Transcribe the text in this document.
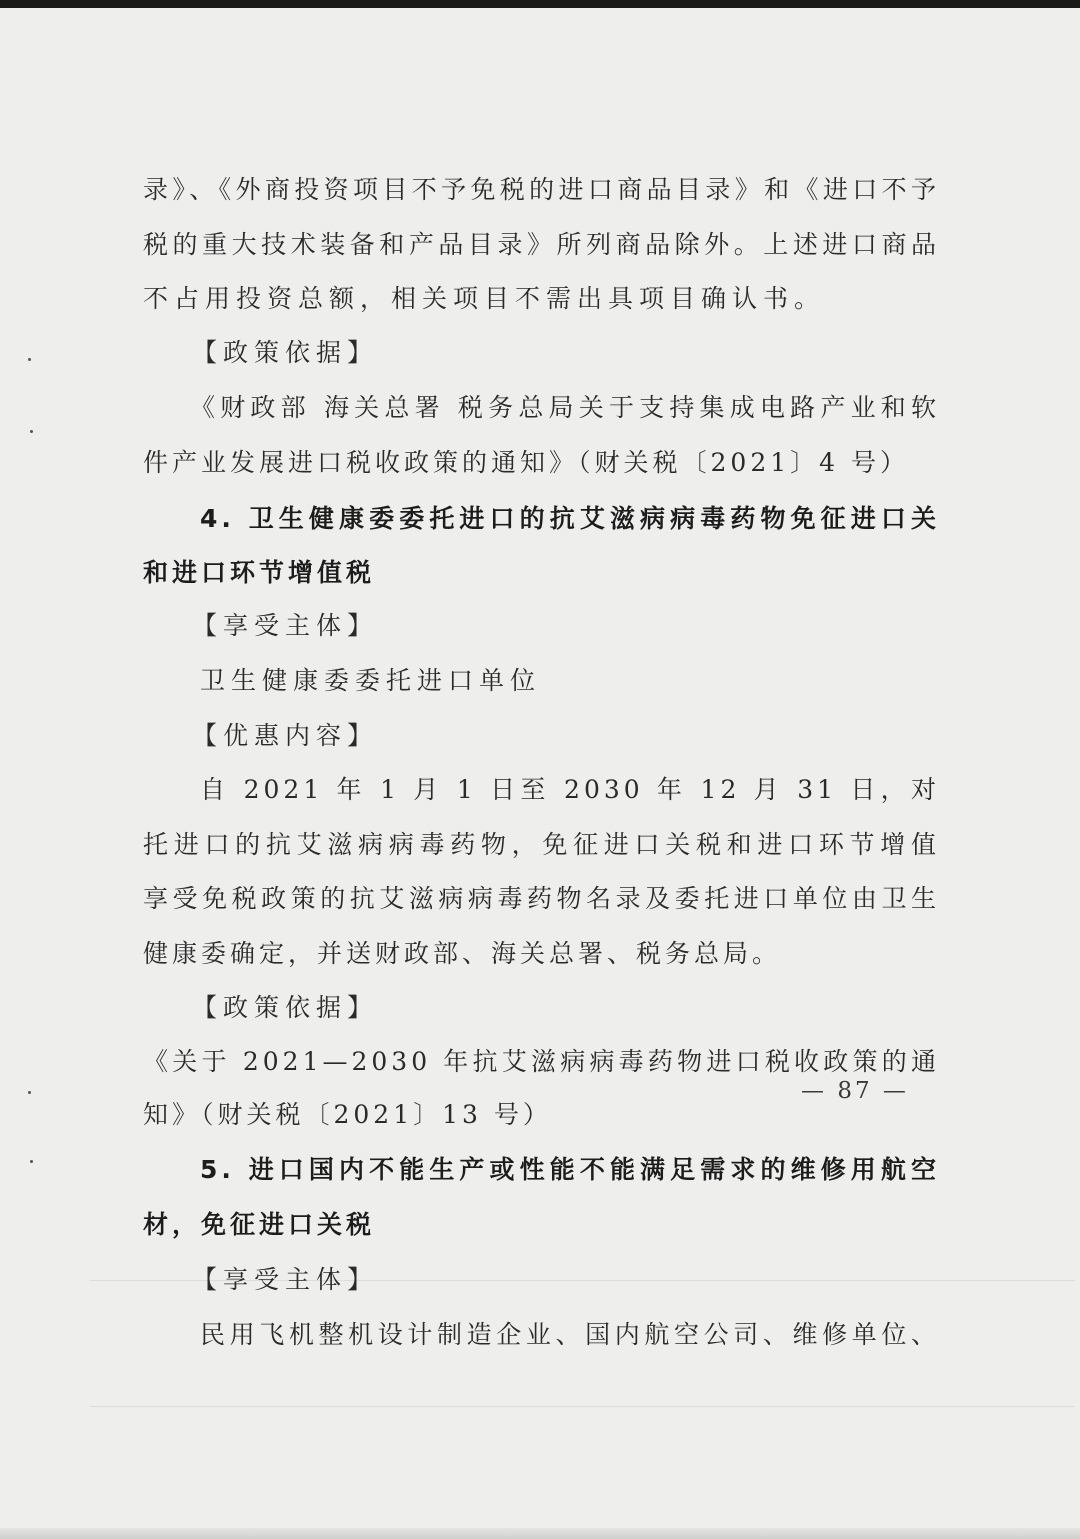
录》、《外商投资项目不予免税的进口商品目录》和《进口不予
税的重大技术装备和产品目录》所列商品除外。上述进口商品
不占用投资总额，相关项目不需出具项目确认书。
【政策依据】
《财政部 海关总署 税务总局关于支持集成电路产业和软
件产业发展进口税收政策的通知》（财关税〔2021〕4 号）
4. 卫生健康委委托进口的抗艾滋病病毒药物免征进口关
和进口环节增值税
【享受主体】
卫生健康委委托进口单位
【优惠内容】
自 2021 年 1 月 1 日至 2030 年 12 月 31 日，对
托进口的抗艾滋病病毒药物，免征进口关税和进口环节增值
享受免税政策的抗艾滋病病毒药物名录及委托进口单位由卫生
健康委确定，并送财政部、海关总署、税务总局。
【政策依据】
《关于 2021—2030 年抗艾滋病病毒药物进口税收政策的通
知》（财关税〔2021〕13 号）
5. 进口国内不能生产或性能不能满足需求的维修用航空
材，免征进口关税
【享受主体】
民用飞机整机设计制造企业、国内航空公司、维修单位、
— 87 —
